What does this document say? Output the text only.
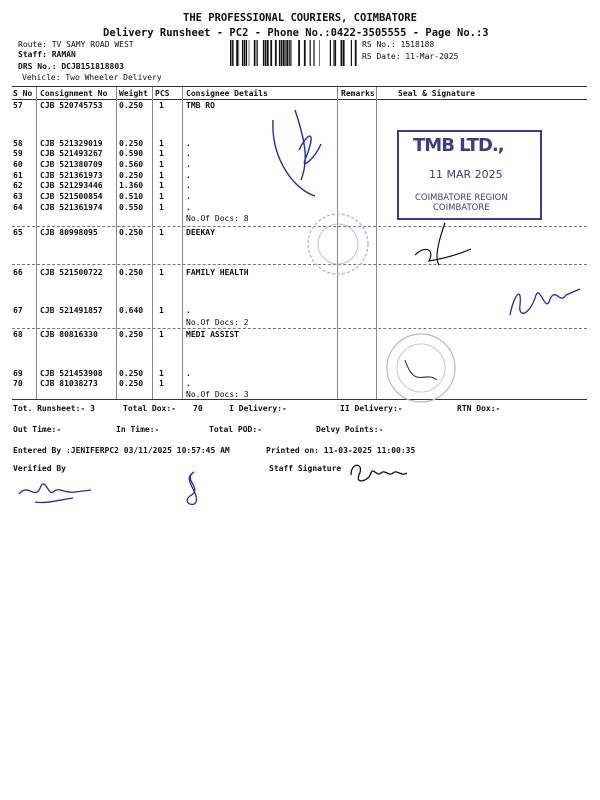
THE PROFESSIONAL COURIERS, COIMBATORE
Delivery Runsheet - PC2 - Phone No.:0422-3505555 - Page No.:3
Route: TV SAMY ROAD WEST
Staff: RAMAN
DRS No.: DCJB151818803
Vehicle: Two Wheeler Delivery
RS No.: 1518188
RS Date: 11-Mar-2025
S No Consignment No Weight PCS Consignee Details	Remarks	Seal & Signature
57 CJB 520745753 0.250 1	TMB RO
58 CJB 521329019 0.250 1	.
59 CJB 521493267 0.590 1	.
60 CJB 521380709 0.560 1	.
61 CJB 521361973 0.250 1	.
62 CJB 521293446 1.360 1	.
63 CJB 521500854 0.510 1	.
64 CJB 521361974 0.550 1	.
65 CJB 80998095	0.250 1	DEEKAY
66 CJB 521500722 0.250 1	FAMILY HEALTH
67 CJB 521491857 0.640 1	.
68 CJB 80816330	0.250 1	MEDI ASSIST
69 CJB 521453908 0.250 1	.
70 CJB 81038273	0.250 1	.
No.Of Docs: 8
No.Of Docs: 2
No.Of Docs: 3
TMB LTD.,
11 MAR 2025
COIMBATORE REGION
COIMBATORE
Tot. Runsheet:- 3	Total Dox:- 70	I Delivery:-	II Delivery:-	RTN Dox:-
Out Time:-	In Time:-	Total POD:-	Delvy Points:-
Entered By :JENIFERPC2 03/11/2025 10:57:45 AM	Printed on: 11-03-2025 11:00:35
Verified By	Staff Signature
